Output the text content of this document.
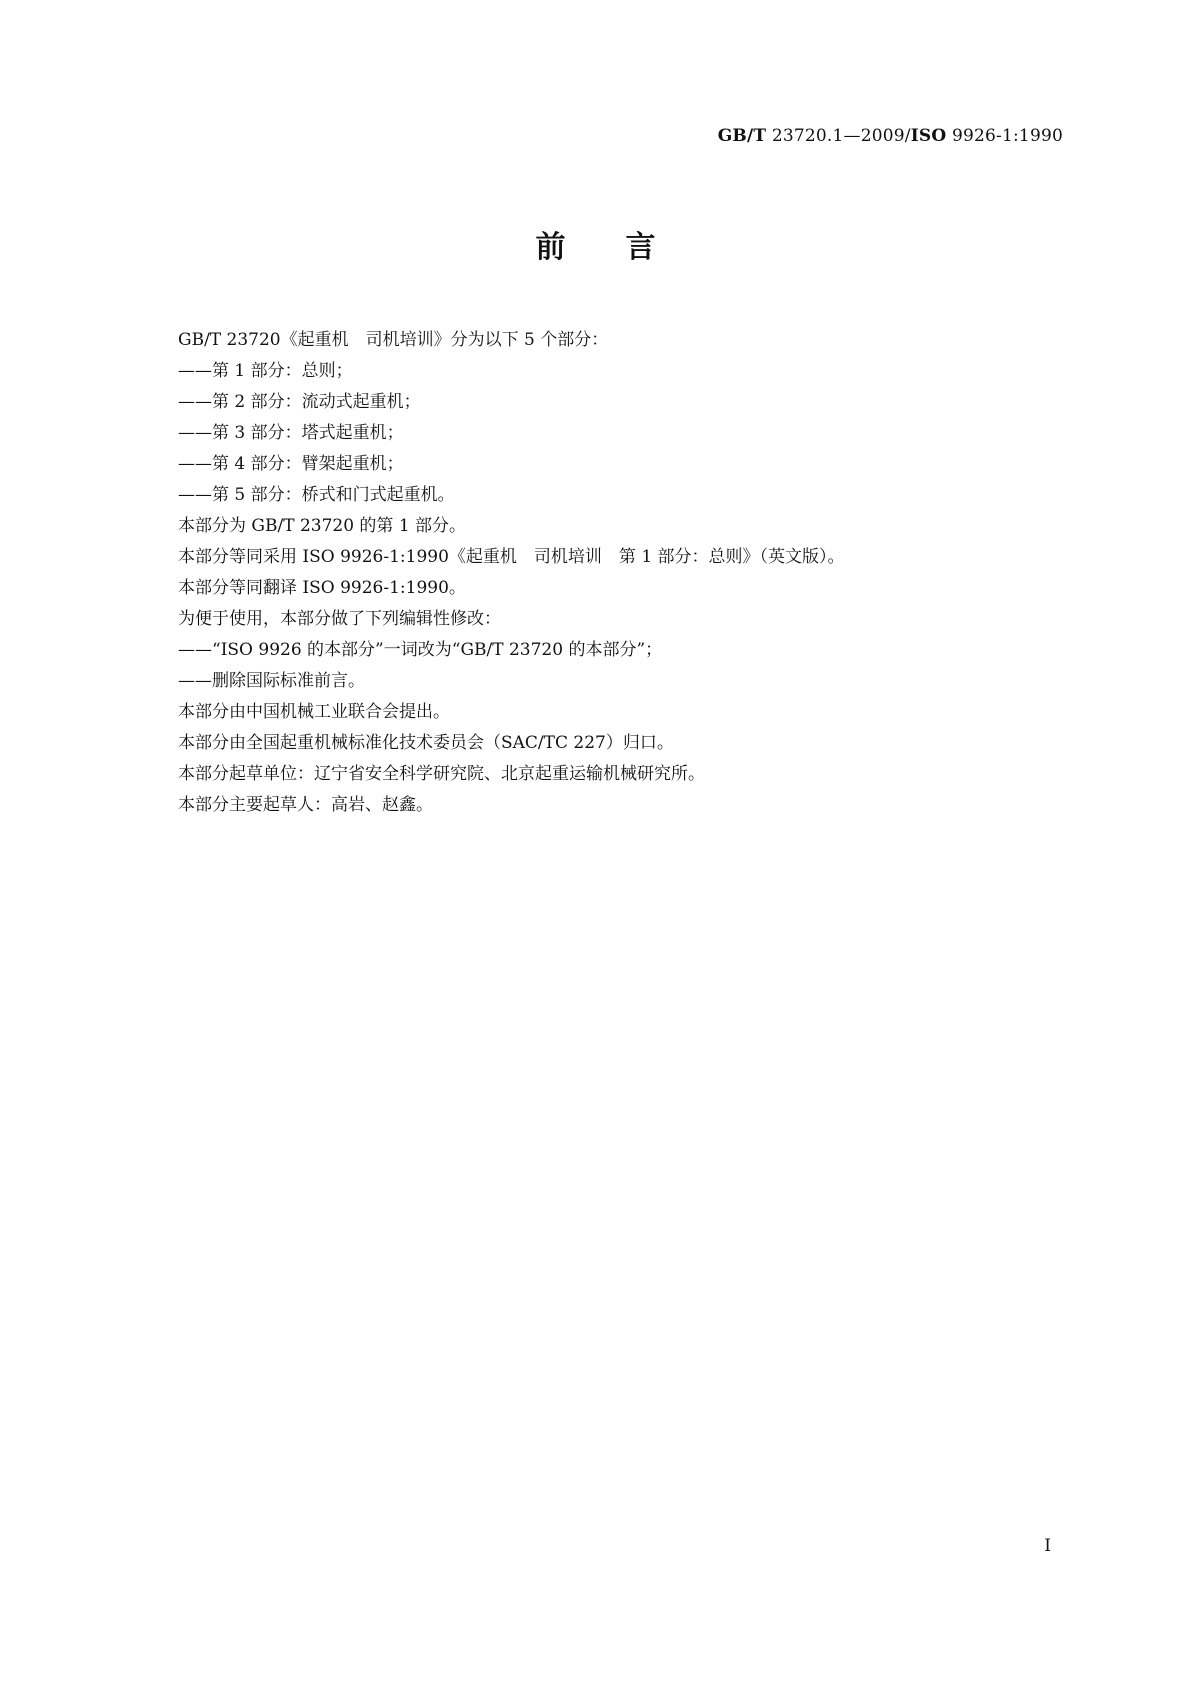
GB/T 23720.1—2009/ISO 9926-1:1990
前言
GB/T 23720《起重机　司机培训》分为以下 5 个部分：
——第 1 部分：总则；
——第 2 部分：流动式起重机；
——第 3 部分：塔式起重机；
——第 4 部分：臂架起重机；
——第 5 部分：桥式和门式起重机。
本部分为 GB/T 23720 的第 1 部分。
本部分等同采用 ISO 9926-1:1990《起重机　司机培训　第 1 部分：总则》（英文版）。
本部分等同翻译 ISO 9926-1:1990。
为便于使用，本部分做了下列编辑性修改：
——“ISO 9926 的本部分”一词改为“GB/T 23720 的本部分”；
——删除国际标准前言。
本部分由中国机械工业联合会提出。
本部分由全国起重机械标准化技术委员会（SAC/TC 227）归口。
本部分起草单位：辽宁省安全科学研究院、北京起重运输机械研究所。
本部分主要起草人：高岩、赵鑫。
I
